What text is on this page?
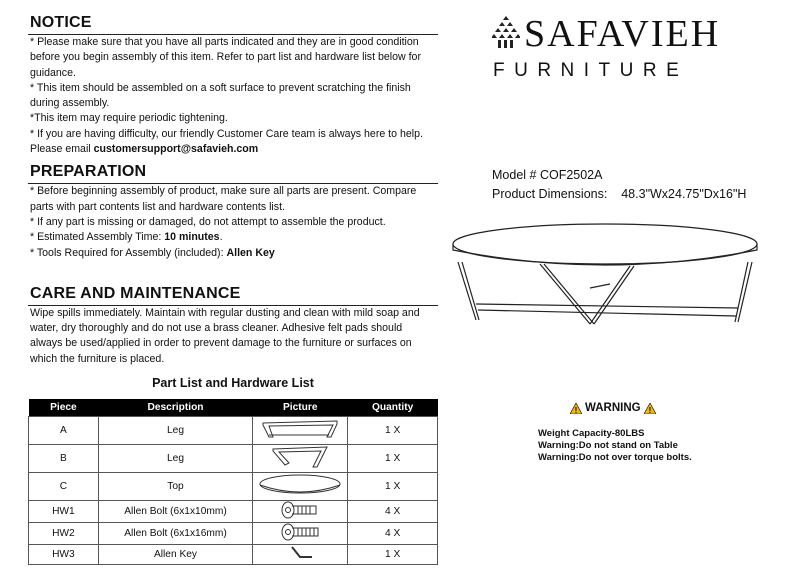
NOTICE
* Please make sure that you have all parts indicated and they are in good condition before you begin assembly of this item. Refer to part list and hardware list below for guidance.
* This item should be assembled on a soft surface to prevent scratching the finish during assembly.
*This item may require periodic tightening.
* If you are having difficulty, our friendly Customer Care team is always here to help.
Please email customersupport@safavieh.com
PREPARATION
* Before beginning assembly of product, make sure all parts are present. Compare parts with part contents list and hardware contents list.
* If any part is missing or damaged, do not attempt to assemble the product.
* Estimated Assembly Time: 10 minutes.
* Tools Required for Assembly (included): Allen Key
CARE AND MAINTENANCE
Wipe spills immediately. Maintain with regular dusting and clean with mild soap and water, dry thoroughly and do not use a brass cleaner. Adhesive felt pads should always be used/applied in order to prevent damage to the furniture or surfaces on which the furniture is placed.
Part List and Hardware List
Piece	Description	Picture	Quantity
A	Leg		1 X
B	Leg		1 X
C	Top		1 X
HW1	Allen Bolt (6x1x10mm)		4 X
HW2	Allen Bolt (6x1x16mm)		4 X
HW3	Allen Key		1 X
SAFAVIEH
FURNITURE
Model # COF2502A
Product Dimensions: 48.3"Wx24.75"Dx16"H
! WARNING !
Weight Capacity-80LBS
Warning:Do not stand on Table
Warning:Do not over torque bolts.
